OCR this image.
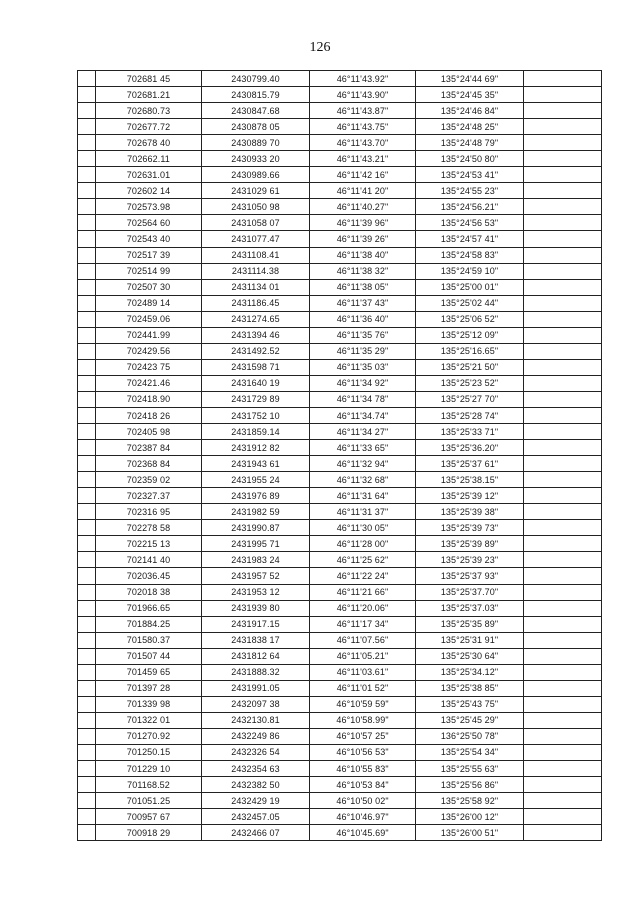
126
	702681 45	2430799.40	46°11'43.92"	135°24'44 69"	
	702681.21	2430815.79	46°11'43.90"	135°24'45 35"	
	702680.73	2430847.68	46°11'43.87"	135°24'46 84"	
	702677.72	2430878 05	46°11'43.75"	135°24'48 25"	
	702678 40	2430889 70	46°11'43.70"	135°24'48 79"	
	702662.11	2430933 20	46°11'43.21"	135°24'50 80"	
	702631.01	2430989.66	46°11'42 16"	135°24'53 41"	
	702602 14	2431029 61	46°11'41 20"	135°24'55 23"	
	702573.98	2431050 98	46°11'40.27"	135°24'56.21"	
	702564 60	2431058 07	46°11'39 96"	135°24'56 53"	
	702543 40	2431077.47	46°11'39 26"	135°24'57 41"	
	702517 39	2431108.41	46°11'38 40"	135°24'58 83"	
	702514 99	2431114.38	46°11'38 32"	135°24'59 10"	
	702507 30	2431134 01	46°11'38 05"	135°25'00 01"	
	702489 14	2431186.45	46°11'37 43"	135°25'02 44"	
	702459.06	2431274.65	46°11'36 40"	135°25'06 52"	
	702441.99	2431394 46	46°11'35 76"	135°25'12 09"	
	702429.56	2431492.52	46°11'35 29"	135°25'16.65"	
	702423 75	2431598 71	46°11'35 03"	135°25'21 50"	
	702421.46	2431640 19	46°11'34 92"	135°25'23 52"	
	702418.90	2431729 89	46°11'34 78"	135°25'27 70"	
	702418 26	2431752 10	46°11'34.74"	135°25'28 74"	
	702405 98	2431859.14	46°11'34 27"	135°25'33 71"	
	702387 84	2431912 82	46°11'33 65"	135°25'36.20"	
	702368 84	2431943 61	46°11'32 94"	135°25'37 61"	
	702359 02	2431955 24	46°11'32 68"	135°25'38.15"	
	702327.37	2431976 89	46°11'31 64"	135°25'39 12"	
	702316 95	2431982 59	46°11'31 37"	135°25'39 38"	
	702278 58	2431990.87	46°11'30 05"	135°25'39 73"	
	702215 13	2431995 71	46°11'28 00"	135°25'39 89"	
	702141 40	2431983 24	46°11'25 62"	135°25'39 23"	
	702036.45	2431957 52	46°11'22 24"	135°25'37 93"	
	702018 38	2431953 12	46°11'21 66"	135°25'37.70"	
	701966.65	2431939 80	46°11'20.06"	135°25'37.03"	
	701884.25	2431917.15	46°11'17 34"	135°25'35 89"	
	701580.37	2431838 17	46°11'07.56"	135°25'31 91"	
	701507 44	2431812 64	46°11'05.21"	135°25'30 64"	
	701459 65	2431888.32	46°11'03.61"	135°25'34.12"	
	701397 28	2431991.05	46°11'01 52"	135°25'38 85"	
	701339 98	2432097 38	46°10'59 59"	135°25'43 75"	
	701322 01	2432130.81	46°10'58.99"	135°25'45 29"	
	701270.92	2432249 86	46°10'57 25"	136°25'50 78"	
	701250.15	2432326 54	46°10'56 53"	135°25'54 34"	
	701229 10	2432354 63	46°10'55 83"	135°25'55 63"	
	701168.52	2432382 50	46°10'53 84"	135°25'56 86"	
	701051.25	2432429 19	46°10'50 02"	135°25'58 92"	
	700957 67	2432457.05	46°10'46.97"	135°26'00 12"	
	700918 29	2432466 07	46°10'45.69"	135°26'00 51"	
